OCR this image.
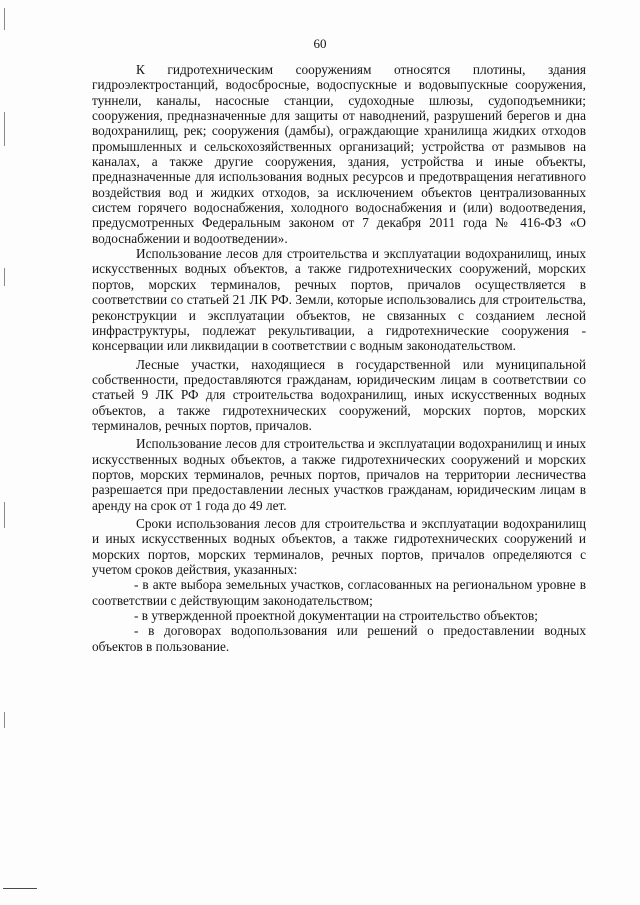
60

К гидротехническим сооружениям относятся плотины, здания гидроэлектростанций, водосбросные, водоспускные и водовыпускные сооружения, туннели, каналы, насосные станции, судоходные шлюзы, судоподъемники; сооружения, предназначенные для защиты от наводнений, разрушений берегов и дна водохранилищ, рек; сооружения (дамбы), ограждающие хранилища жидких отходов промышленных и сельскохозяйственных организаций; устройства от размывов на каналах, а также другие сооружения, здания, устройства и иные объекты, предназначенные для использования водных ресурсов и предотвращения негативного воздействия вод и жидких отходов, за исключением объектов централизованных систем горячего водоснабжения, холодного водоснабжения и (или) водоотведения, предусмотренных Федеральным законом от 7 декабря 2011 года № 416-ФЗ «О водоснабжении и водоотведении».

Использование лесов для строительства и эксплуатации водохранилищ, иных искусственных водных объектов, а также гидротехнических сооружений, морских портов, морских терминалов, речных портов, причалов осуществляется в соответствии со статьей 21 ЛК РФ. Земли, которые использовались для строительства, реконструкции и эксплуатации объектов, не связанных с созданием лесной инфраструктуры, подлежат рекультивации, а гидротехнические сооружения - консервации или ликвидации в соответствии с водным законодательством.

Лесные участки, находящиеся в государственной или муниципальной собственности, предоставляются гражданам, юридическим лицам в соответствии со статьей 9 ЛК РФ для строительства водохранилищ, иных искусственных водных объектов, а также гидротехнических сооружений, морских портов, морских терминалов, речных портов, причалов.

Использование лесов для строительства и эксплуатации водохранилищ и иных искусственных водных объектов, а также гидротехнических сооружений и морских портов, морских терминалов, речных портов, причалов на территории лесничества разрешается при предоставлении лесных участков гражданам, юридическим лицам в аренду на срок от 1 года до 49 лет.

Сроки использования лесов для строительства и эксплуатации водохранилищ и иных искусственных водных объектов, а также гидротехнических сооружений и морских портов, морских терминалов, речных портов, причалов определяются с учетом сроков действия, указанных:

- в акте выбора земельных участков, согласованных на региональном уровне в соответствии с действующим законодательством;

- в утвержденной проектной документации на строительство объектов;

- в договорах водопользования или решений о предоставлении водных объектов в пользование.
